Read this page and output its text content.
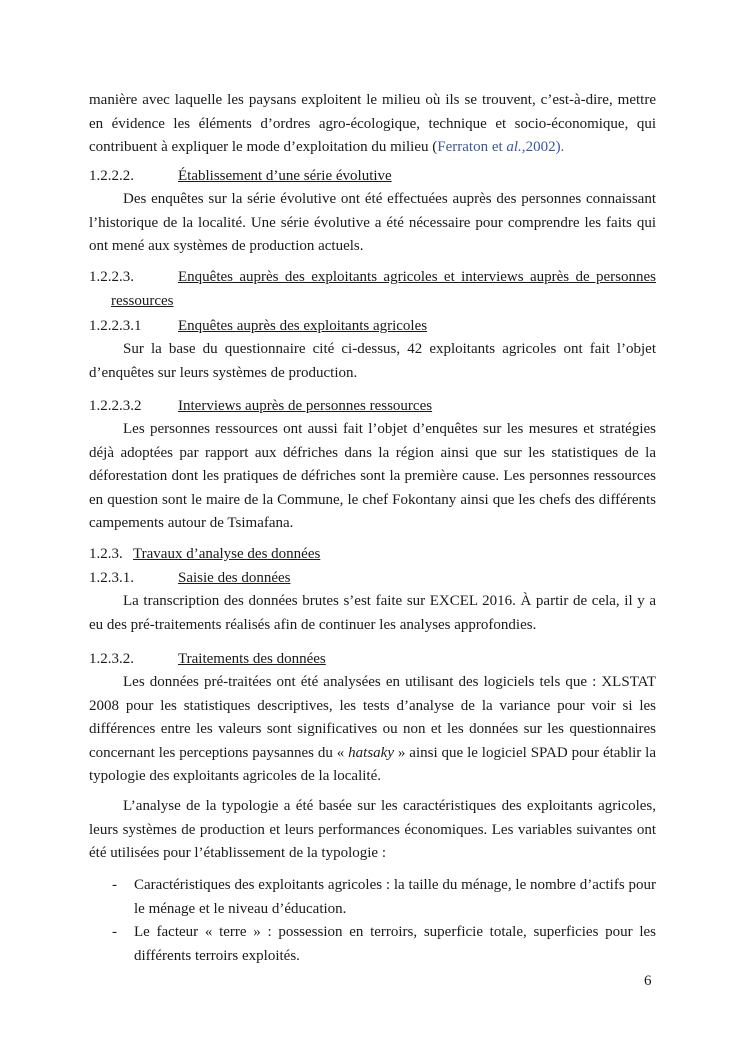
manière avec laquelle les paysans exploitent le milieu où ils se trouvent, c’est-à-dire, mettre en évidence les éléments d’ordres agro-écologique, technique et socio-économique, qui contribuent à expliquer le mode d’exploitation du milieu (Ferraton et al.,2002).

1.2.2.2.	Établissement d’une série évolutive

Des enquêtes sur la série évolutive ont été effectuées auprès des personnes connaissant l’historique de la localité. Une série évolutive a été nécessaire pour comprendre les faits qui ont mené aux systèmes de production actuels.

1.2.2.3.	Enquêtes auprès des exploitants agricoles et interviews auprès de personnes
ressources
1.2.2.3.1 Enquêtes auprès des exploitants agricoles

Sur la base du questionnaire cité ci-dessus, 42 exploitants agricoles ont fait l’objet d’enquêtes sur leurs systèmes de production.

1.2.2.3.2 Interviews auprès de personnes ressources

Les personnes ressources ont aussi fait l’objet d’enquêtes sur les mesures et stratégies déjà adoptées par rapport aux défriches dans la région ainsi que sur les statistiques de la déforestation dont les pratiques de défriches sont la première cause. Les personnes ressources en question sont le maire de la Commune, le chef Fokontany ainsi que les chefs des différents campements autour de Tsimafana.

1.2.3. Travaux d’analyse des données
1.2.3.1.	Saisie des données

La transcription des données brutes s’est faite sur EXCEL 2016. À partir de cela, il y a eu des pré-traitements réalisés afin de continuer les analyses approfondies.

1.2.3.2.	Traitements des données

Les données pré-traitées ont été analysées en utilisant des logiciels tels que : XLSTAT 2008 pour les statistiques descriptives, les tests d’analyse de la variance pour voir si les différences entre les valeurs sont significatives ou non et les données sur les questionnaires concernant les perceptions paysannes du « hatsaky » ainsi que le logiciel SPAD pour établir la typologie des exploitants agricoles de la localité.

L’analyse de la typologie a été basée sur les caractéristiques des exploitants agricoles, leurs systèmes de production et leurs performances économiques. Les variables suivantes ont été utilisées pour l’établissement de la typologie :

- Caractéristiques des exploitants agricoles : la taille du ménage, le nombre d’actifs pour le ménage et le niveau d’éducation.
- Le facteur « terre » : possession en terroirs, superficie totale, superficies pour les différents terroirs exploités.
6
